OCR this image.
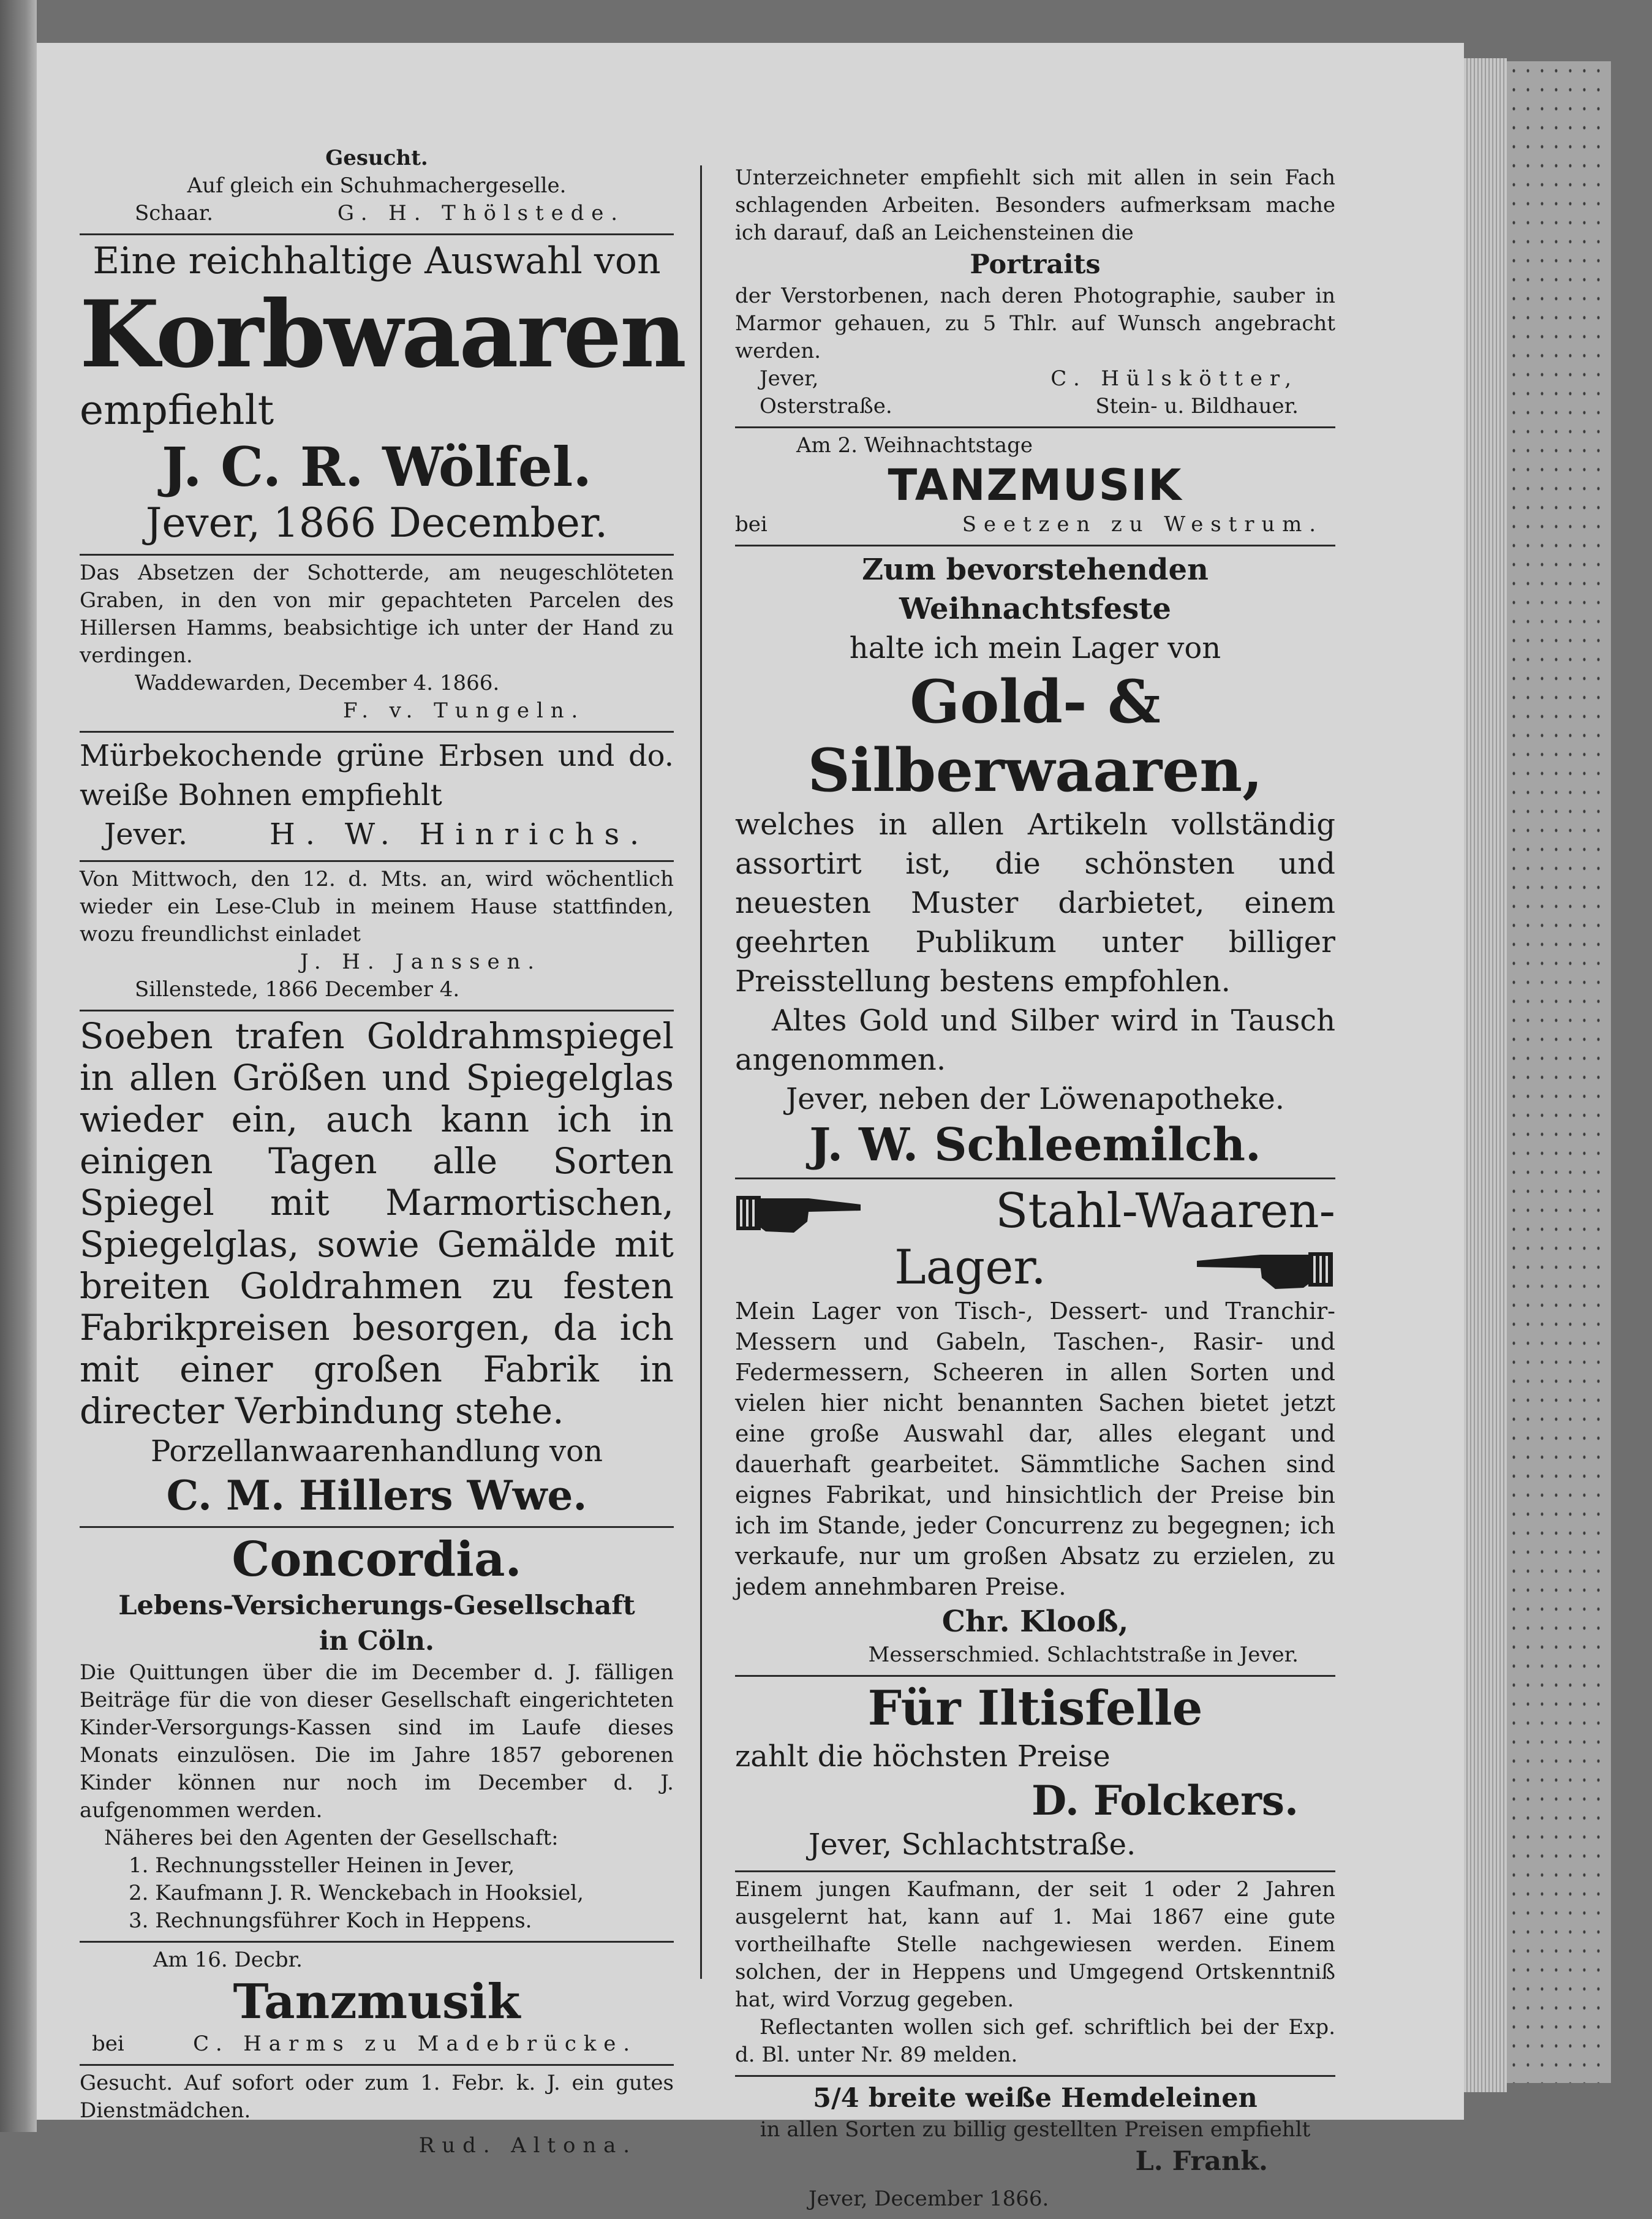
Gesucht.

Auf gleich ein Schuhmachergeselle.

Schaar.	G. H. Thölstede.

Eine reichhaltige Auswahl von

Korbwaaren

empfiehlt

J. C. R. Wölfel.

Jever, 1866 December.

Das Absetzen der Schotterde, am neugeschlöteten Graben, in den von mir gepachteten Parcelen des Hillersen Hamms, beabsichtige ich unter der Hand zu verdingen.

Waddewarden, December 4. 1866.

F. v. Tungeln.

Mürbekochende grüne Erbsen und do. weiße Bohnen empfiehlt

Jever.	H. W. Hinrichs.

Von Mittwoch, den 12. d. Mts. an, wird wöchentlich wieder ein Lese-Club in meinem Hause stattfinden, wozu freundlichst einladet

J. H. Janssen.

Sillenstede, 1866 December 4.

Soeben trafen Goldrahmspiegel in allen Größen und Spiegelglas wieder ein, auch kann ich in einigen Tagen alle Sorten Spiegel mit Marmortischen, Spiegelglas, sowie Gemälde mit breiten Goldrahmen zu festen Fabrikpreisen besorgen, da ich mit einer großen Fabrik in directer Verbindung stehe.

Porzellanwaarenhandlung von

C. M. Hillers Wwe.

Concordia.

Lebens-Versicherungs-Gesellschaft

in Cöln.

Die Quittungen über die im December d. J. fälligen Beiträge für die von dieser Gesellschaft eingerichteten Kinder-Versorgungs-Kassen sind im Laufe dieses Monats einzulösen. Die im Jahre 1857 geborenen Kinder können nur noch im December d. J. aufgenommen werden.

Näheres bei den Agenten der Gesellschaft:

1. Rechnungssteller Heinen in Jever,

2. Kaufmann J. R. Wenckebach in Hooksiel,

3. Rechnungsführer Koch in Heppens.

Am 16. Decbr.

Tanzmusik

bei	C. Harms zu Madebrücke.

Gesucht. Auf sofort oder zum 1. Febr. k. J. ein gutes Dienstmädchen.

Rud. Altona.

Unterzeichneter empfiehlt sich mit allen in sein Fach schlagenden Arbeiten. Besonders aufmerksam mache ich darauf, daß an Leichensteinen die

Portraits

der Verstorbenen, nach deren Photographie, sauber in Marmor gehauen, zu 5 Thlr. auf Wunsch angebracht werden.

Jever,	C. Hülskötter,
Osterstraße.	Stein- u. Bildhauer.

Am 2. Weihnachtstage

TANZMUSIK

bei	Seetzen zu Westrum.

Zum bevorstehenden Weihnachtsfeste

halte ich mein Lager von

Gold- & Silberwaaren,

welches in allen Artikeln vollständig assortirt ist, die schönsten und neuesten Muster darbietet, einem geehrten Publikum unter billiger Preisstellung bestens empfohlen.

Altes Gold und Silber wird in Tausch angenommen.

Jever, neben der Löwenapotheke.

J. W. Schleemilch.

Stahl-Waaren-
Lager.

Mein Lager von Tisch-, Dessert- und Tranchir-Messern und Gabeln, Taschen-, Rasir- und Federmessern, Scheeren in allen Sorten und vielen hier nicht benannten Sachen bietet jetzt eine große Auswahl dar, alles elegant und dauerhaft gearbeitet. Sämmtliche Sachen sind eignes Fabrikat, und hinsichtlich der Preise bin ich im Stande, jeder Concurrenz zu begegnen; ich verkaufe, nur um großen Absatz zu erzielen, zu jedem annehmbaren Preise.

Chr. Klooß,

Messerschmied. Schlachtstraße in Jever.

Für Iltisfelle

zahlt die höchsten Preise

D. Folckers.

Jever, Schlachtstraße.

Einem jungen Kaufmann, der seit 1 oder 2 Jahren ausgelernt hat, kann auf 1. Mai 1867 eine gute vortheilhafte Stelle nachgewiesen werden. Einem solchen, der in Heppens und Umgegend Ortskenntniß hat, wird Vorzug gegeben.

Reflectanten wollen sich gef. schriftlich bei der Exp. d. Bl. unter Nr. 89 melden.

5/4 breite weiße Hemdeleinen

in allen Sorten zu billig gestellten Preisen empfiehlt

L. Frank.

Jever, December 1866.
